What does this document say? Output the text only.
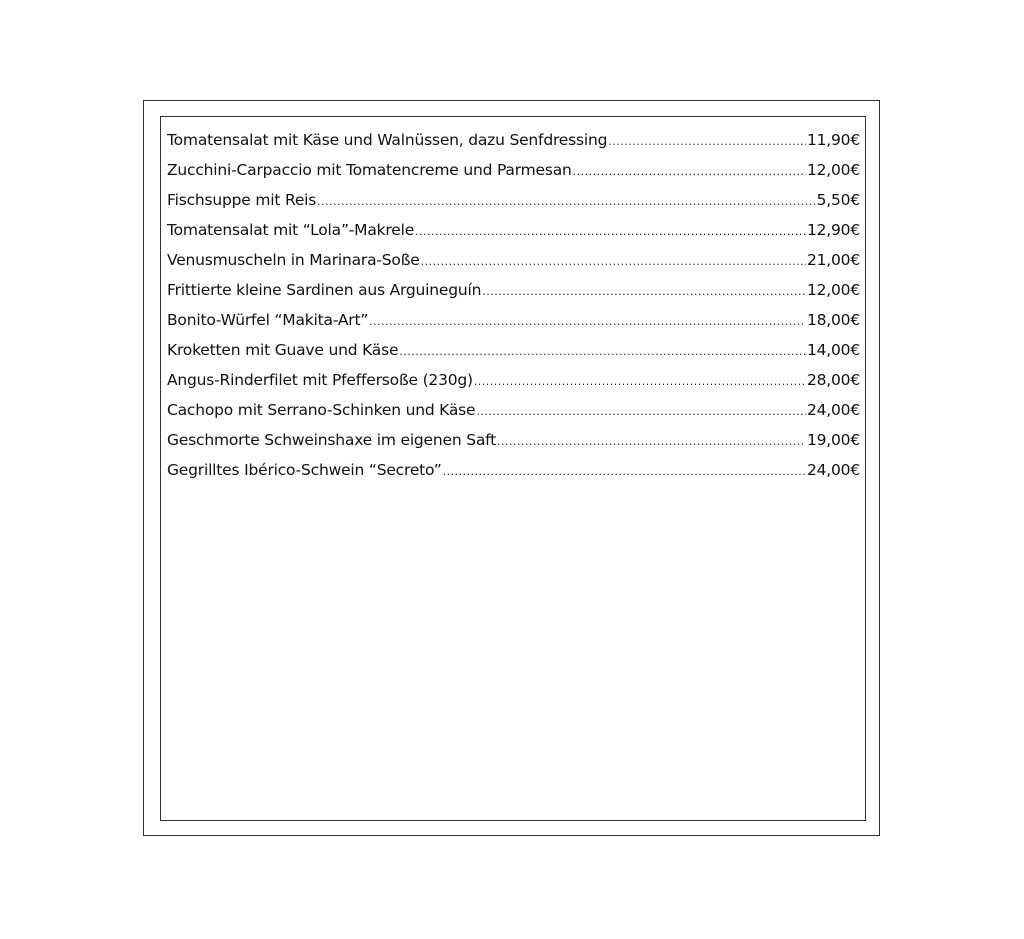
Tomatensalat mit Käse und Walnüssen, dazu Senfdressing .....	11,90€
Zucchini-Carpaccio mit Tomatencreme und Parmesan .....	12,00€
Fischsuppe mit Reis .....	5,50€
Tomatensalat mit “Lola”-Makrele .....	12,90€
Venusmuscheln in Marinara-Soße .....	21,00€
Frittierte kleine Sardinen aus Arguineguín .....	12,00€
Bonito-Würfel “Makita-Art” .....	18,00€
Kroketten mit Guave und Käse .....	14,00€
Angus-Rinderfilet mit Pfeffersoße (230g) .....	28,00€
Cachopo mit Serrano-Schinken und Käse .....	24,00€
Geschmorte Schweinshaxe im eigenen Saft .....	19,00€
Gegrilltes Ibérico-Schwein “Secreto” .....	24,00€
